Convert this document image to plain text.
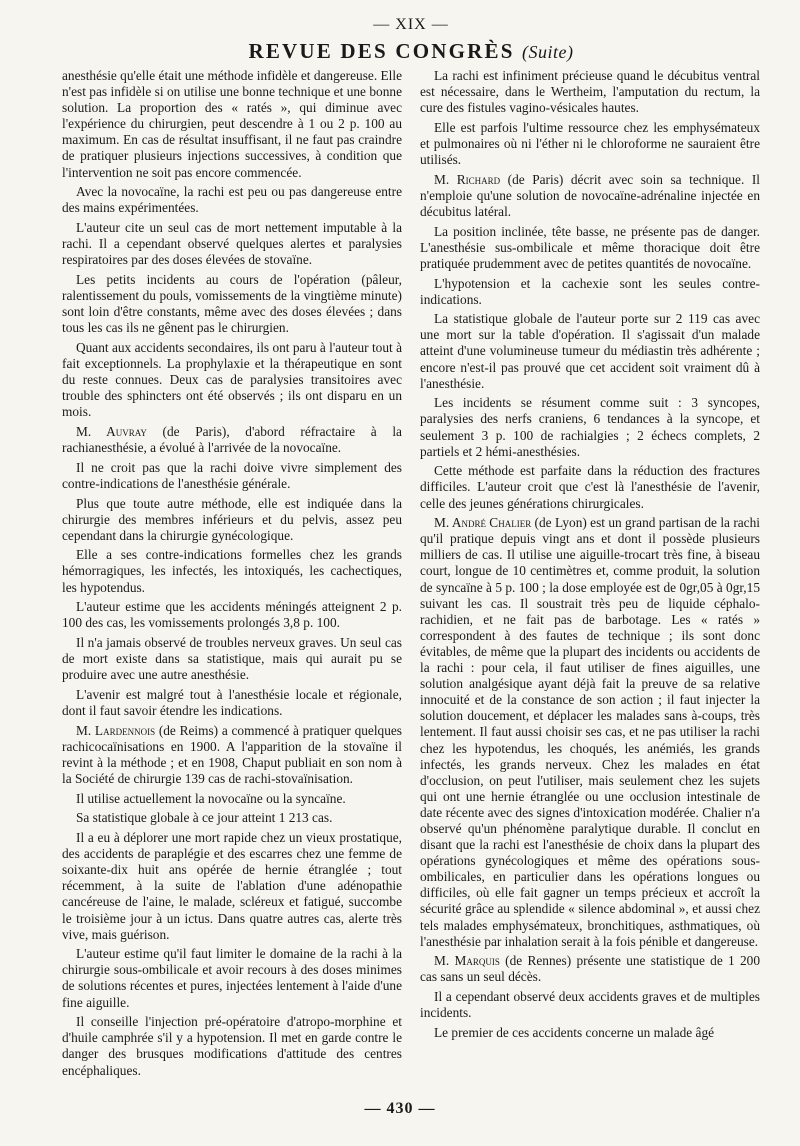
— XIX —
REVUE DES CONGRÈS (Suite)

anesthésie qu'elle était une méthode infidèle et dangereuse. Elle n'est pas infidèle si on utilise une bonne technique et une bonne solution. La proportion des « ratés », qui diminue avec l'expérience du chirurgien, peut descendre à 1 ou 2 p. 100 au maximum. En cas de résultat insuffisant, il ne faut pas craindre de pratiquer plusieurs injections successives, à condition que l'intervention ne soit pas encore commencée.

Avec la novocaïne, la rachi est peu ou pas dangereuse entre des mains expérimentées.

L'auteur cite un seul cas de mort nettement imputable à la rachi. Il a cependant observé quelques alertes et paralysies respiratoires par des doses élevées de stovaïne.

Les petits incidents au cours de l'opération (pâleur, ralentissement du pouls, vomissements de la vingtième minute) sont loin d'être constants, même avec des doses élevées ; dans tous les cas ils ne gênent pas le chirurgien.

Quant aux accidents secondaires, ils ont paru à l'auteur tout à fait exceptionnels. La prophylaxie et la thérapeutique en sont du reste connues. Deux cas de paralysies transitoires avec trouble des sphincters ont été observés ; ils ont disparu en un mois.

M. Auvray (de Paris), d'abord réfractaire à la rachianesthésie, a évolué à l'arrivée de la novocaïne.

Il ne croit pas que la rachi doive vivre simplement des contre-indications de l'anesthésie générale.

Plus que toute autre méthode, elle est indiquée dans la chirurgie des membres inférieurs et du pelvis, assez peu cependant dans la chirurgie gynécologique.

Elle a ses contre-indications formelles chez les grands hémorragiques, les infectés, les intoxiqués, les cachectiques, les hypotendus.

L'auteur estime que les accidents méningés atteignent 2 p. 100 des cas, les vomissements prolongés 3,8 p. 100.

Il n'a jamais observé de troubles nerveux graves. Un seul cas de mort existe dans sa statistique, mais qui aurait pu se produire avec une autre anesthésie.

L'avenir est malgré tout à l'anesthésie locale et régionale, dont il faut savoir étendre les indications.

M. Lardennois (de Reims) a commencé à pratiquer quelques rachicocaïnisations en 1900. A l'apparition de la stovaïne il revint à la méthode ; et en 1908, Chaput publiait en son nom à la Société de chirurgie 139 cas de rachi-stovaïnisation.

Il utilise actuellement la novocaïne ou la syncaïne.

Sa statistique globale à ce jour atteint 1 213 cas.

Il a eu à déplorer une mort rapide chez un vieux prostatique, des accidents de paraplégie et des escarres chez une femme de soixante-dix huit ans opérée de hernie étranglée ; tout récemment, à la suite de l'ablation d'une adénopathie cancéreuse de l'aine, le malade, scléreux et fatigué, succombe le troisième jour à un ictus. Dans quatre autres cas, alerte très vive, mais guérison.

L'auteur estime qu'il faut limiter le domaine de la rachi à la chirurgie sous-ombilicale et avoir recours à des doses minimes de solutions récentes et pures, injectées lentement à l'aide d'une fine aiguille.

Il conseille l'injection pré-opératoire d'atropo-morphine et d'huile camphrée s'il y a hypotension. Il met en garde contre le danger des brusques modifications d'attitude des centres encéphaliques.

La rachi est infiniment précieuse quand le décubitus ventral est nécessaire, dans le Wertheim, l'amputation du rectum, la cure des fistules vagino-vésicales hautes.

Elle est parfois l'ultime ressource chez les emphysémateux et pulmonaires où ni l'éther ni le chloroforme ne sauraient être utilisés.

M. Richard (de Paris) décrit avec soin sa technique. Il n'emploie qu'une solution de novocaïne-adrénaline injectée en décubitus latéral.

La position inclinée, tête basse, ne présente pas de danger. L'anesthésie sus-ombilicale et même thoracique doit être pratiquée prudemment avec de petites quantités de novocaïne.

L'hypotension et la cachexie sont les seules contre-indications.

La statistique globale de l'auteur porte sur 2 119 cas avec une mort sur la table d'opération. Il s'agissait d'un malade atteint d'une volumineuse tumeur du médiastin très adhérente ; encore n'est-il pas prouvé que cet accident soit vraiment dû à l'anesthésie.

Les incidents se résument comme suit : 3 syncopes, paralysies des nerfs craniens, 6 tendances à la syncope, et seulement 3 p. 100 de rachialgies ; 2 échecs complets, 2 partiels et 2 hémi-anesthésies.

Cette méthode est parfaite dans la réduction des fractures difficiles. L'auteur croit que c'est là l'anesthésie de l'avenir, celle des jeunes générations chirurgicales.

M. André Chalier (de Lyon) est un grand partisan de la rachi qu'il pratique depuis vingt ans et dont il possède plusieurs milliers de cas. Il utilise une aiguille-trocart très fine, à biseau court, longue de 10 centimètres et, comme produit, la solution de syncaïne à 5 p. 100 ; la dose employée est de 0gr,05 à 0gr,15 suivant les cas. Il soustrait très peu de liquide céphalo-rachidien, et ne fait pas de barbotage. Les « ratés » correspondent à des fautes de technique ; ils sont donc évitables, de même que la plupart des incidents ou accidents de la rachi : pour cela, il faut utiliser de fines aiguilles, une solution analgésique ayant déjà fait la preuve de sa relative innocuité et de la constance de son action ; il faut injecter la solution doucement, et déplacer les malades sans à-coups, très lentement. Il faut aussi choisir ses cas, et ne pas utiliser la rachi chez les hypotendus, les choqués, les anémiés, les grands infectés, les grands nerveux. Chez les malades en état d'occlusion, on peut l'utiliser, mais seulement chez les sujets qui ont une hernie étranglée ou une occlusion intestinale de date récente avec des signes d'intoxication modérée. Chalier n'a observé qu'un phénomène paralytique durable. Il conclut en disant que la rachi est l'anesthésie de choix dans la plupart des opérations gynécologiques et même des opérations sous-ombilicales, en particulier dans les opérations longues ou difficiles, où elle fait gagner un temps précieux et accroît la sécurité grâce au splendide « silence abdominal », et aussi chez tels malades emphysémateux, bronchitiques, asthmatiques, où l'anesthésie par inhalation serait à la fois pénible et dangereuse.

M. Marquis (de Rennes) présente une statistique de 1 200 cas sans un seul décès.

Il a cependant observé deux accidents graves et de multiples incidents.

Le premier de ces accidents concerne un malade âgé

— 430 —
